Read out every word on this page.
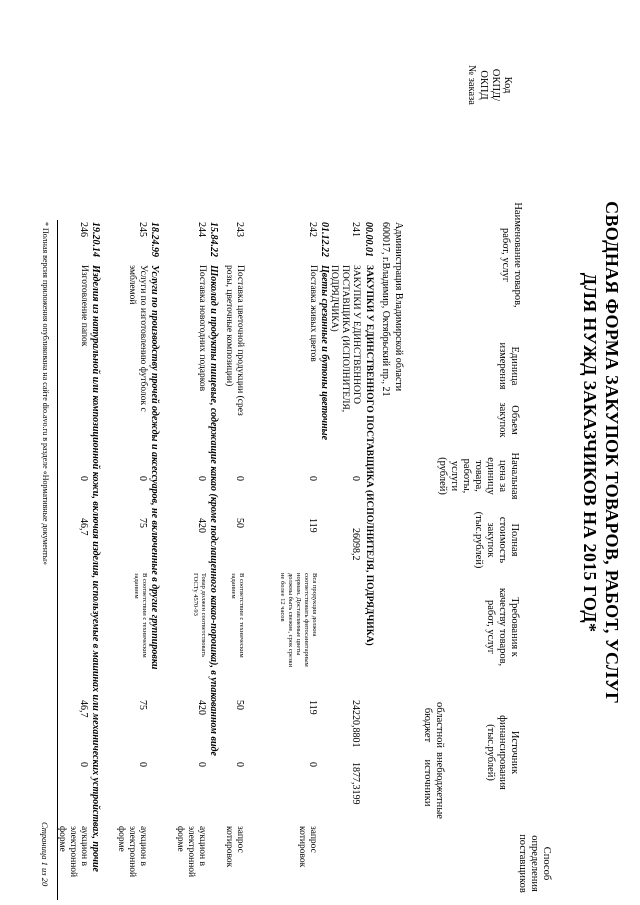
СВОДНАЯ ФОРМА ЗАКУПОК ТОВАРОВ, РАБОТ, УСЛУГ
ДЛЯ НУЖД ЗАКАЗЧИКОВ НА 2015 ГОД*
Код
ОКПД/
ОКПД
№ заказа
Наименование товаров,
работ, услуг
Единица
измерения
Объем
закупок
Начальная
цена за
единицу
товара,
работы,
услуги
(рублей)
Полная
стоимость
закупок
(тыс.рублей)
Требования к
качеству товаров,
работ, услуг
Источник
финансирования
(тыс.рублей)
областной
бюджет
внебюджетные
источники
Способ
определения
поставщиков
Администрация Владимирской области
600017, г.Владимир, Октябрьский пр., 21
00.00.01
ЗАКУПКИ У ЕДИНСТВЕННОГО ПОСТАВЩИКА (ИСПОЛНИТЕЛЯ, ПОДРЯДЧИКА)
241
ЗАКУПКИ У ЕДИНСТВЕННОГО ПОСТАВЩИКА (ИСПОЛНИТЕЛЯ, ПОДРЯДЧИКА)
0
26098,2
24220,8801
1877,3199
01.12.22
Цветы срезанные и бутоны цветочные
242
Поставка живых цветов
0
119
Вся продукция должна соответствовать фитосанитарным нормам. Доставляемые цветы должны быть свежие, срок срезки не более 12 часов
119
0
запрос котировок
243
Поставка цветочной продукции (срез розы, цветочные композиции)
0
50
В соответствии с техническим заданием
50
0
запрос котировок
15.84.22
Шоколад и продукты пищевые, содержащие какао (кроме подслащенного какао-порошка), в упакованном виде
244
Поставка новогодних подарков
0
420
Товар должен соответствовать ГОСТу 4570-93
420
0
аукцион в электронной форме
18.24.99
Услуги по производству прочей одежды и аксессуаров, не включенные в другие группировки
245
Услуги по изготовлению футболок с эмблемой
0
75
В соответствии с техническим заданием
75
0
аукцион в электронной форме
19.20.14
Изделия из натуральной или композиционной кожи, включая изделия, используемые в машинах или механических устройствах, прочие
246
Изготовление папок
0
46,7
46,7
0
аукцион в электронной форме
* Полная версия приложения опубликована на сайте dio.avo.ru в разделе «Нормативные документы»
Страница 1 из 20
